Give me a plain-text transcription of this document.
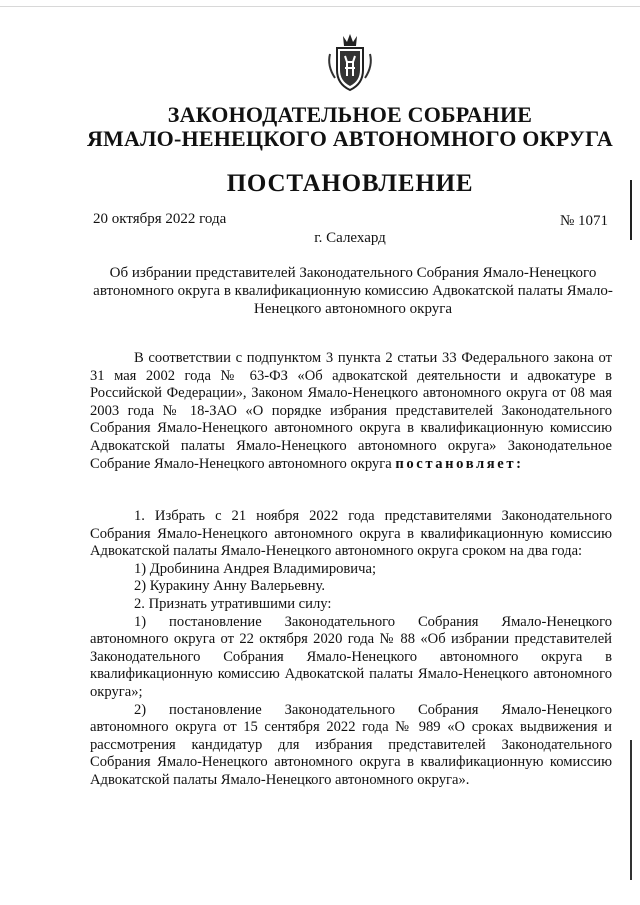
ЗАКОНОДАТЕЛЬНОЕ СОБРАНИЕ
ЯМАЛО-НЕНЕЦКОГО АВТОНОМНОГО ОКРУГА
ПОСТАНОВЛЕНИЕ
20 октября 2022 года	№ 1071
г. Салехард
Об избрании представителей Законодательного Собрания Ямало-Ненецкого автономного округа в квалификационную комиссию Адвокатской палаты Ямало-Ненецкого автономного округа
В соответствии с подпунктом 3 пункта 2 статьи 33 Федерального закона от 31 мая 2002 года № 63-ФЗ «Об адвокатской деятельности и адвокатуре в Российской Федерации», Законом Ямало-Ненецкого автономного округа от 08 мая 2003 года № 18-ЗАО «О порядке избрания представителей Законодательного Собрания Ямало-Ненецкого автономного округа в квалификационную комиссию Адвокатской палаты Ямало-Ненецкого автономного округа» Законодательное Собрание Ямало-Ненецкого автономного округа постановляет:
1. Избрать с 21 ноября 2022 года представителями Законодательного Собрания Ямало-Ненецкого автономного округа в квалификационную комиссию Адвокатской палаты Ямало-Ненецкого автономного округа сроком на два года:
1) Дробинина Андрея Владимировича;
2) Куракину Анну Валерьевну.
2. Признать утратившими силу:
1) постановление Законодательного Собрания Ямало-Ненецкого автономного округа от 22 октября 2020 года № 88 «Об избрании представителей Законодательного Собрания Ямало-Ненецкого автономного округа в квалификационную комиссию Адвокатской палаты Ямало-Ненецкого автономного округа»;
2) постановление Законодательного Собрания Ямало-Ненецкого автономного округа от 15 сентября 2022 года № 989 «О сроках выдвижения и рассмотрения кандидатур для избрания представителей Законодательного Собрания Ямало-Ненецкого автономного округа в квалификационную комиссию Адвокатской палаты Ямало-Ненецкого автономного округа».
